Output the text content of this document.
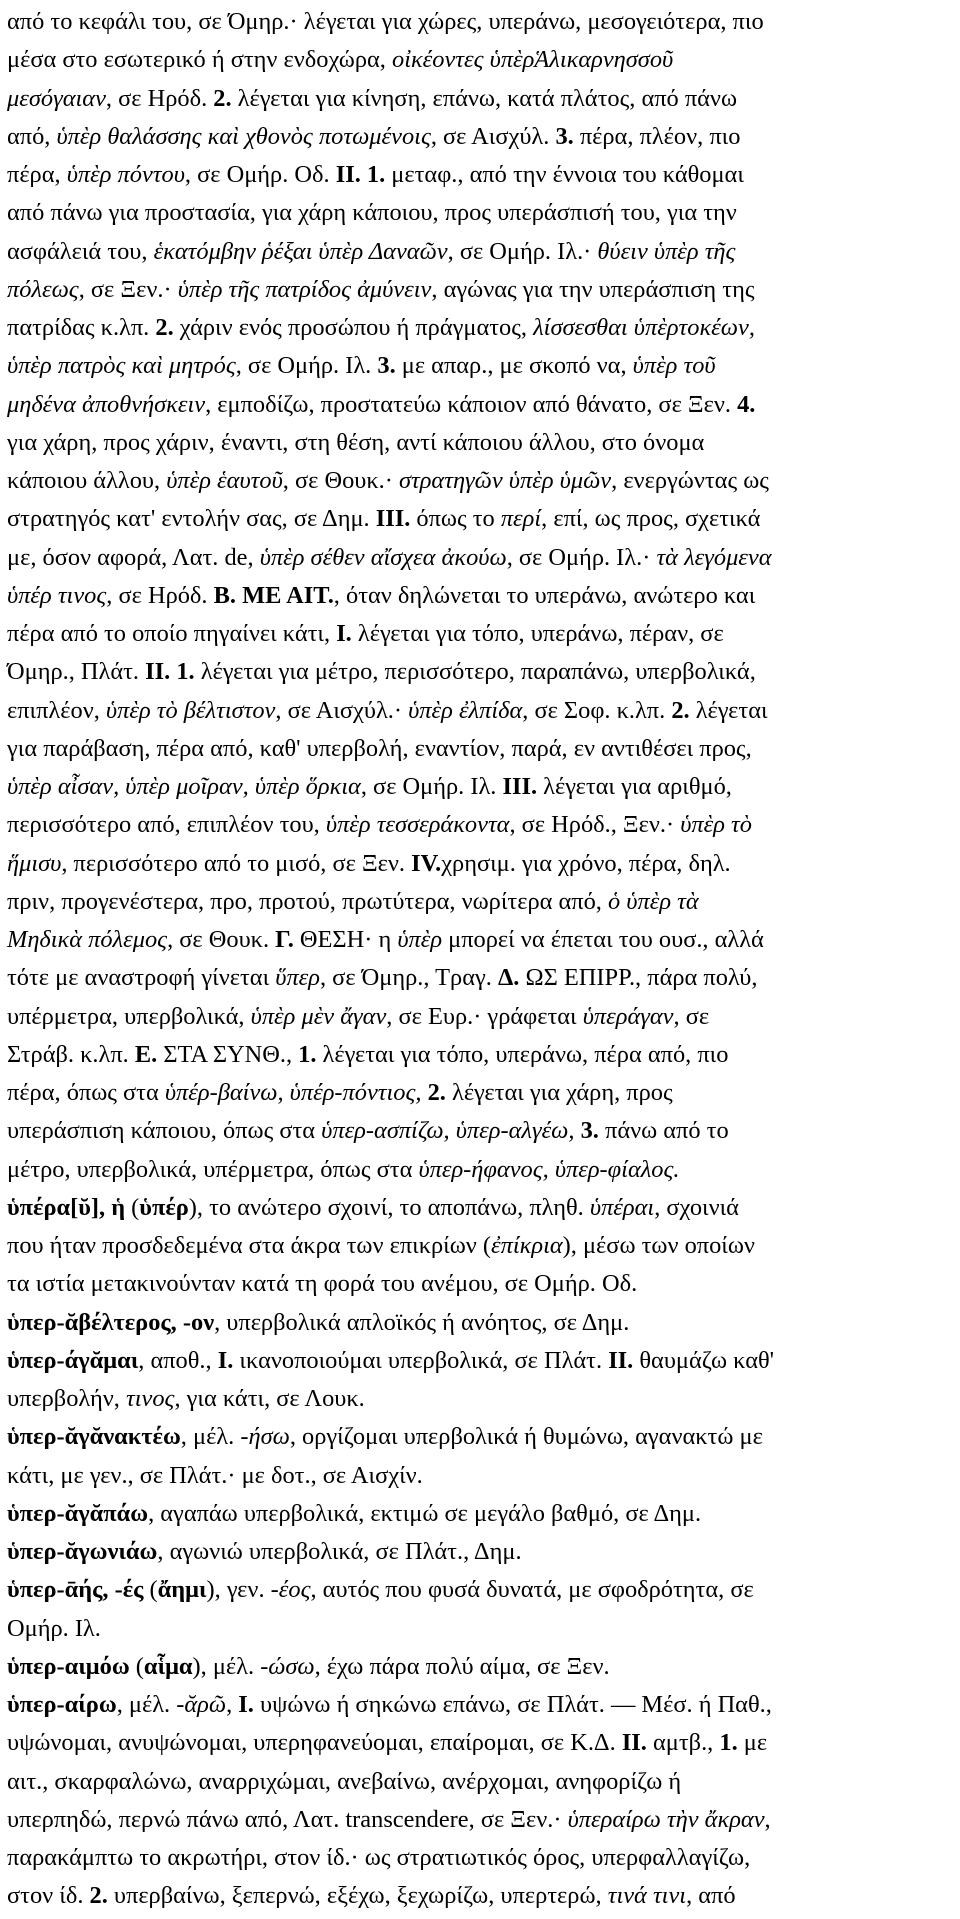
από το κεφάλι του, σε Όμηρ.· λέγεται για χώρες, υπεράνω, μεσογειότερα, πιο
μέσα στο εσωτερικό ή στην ενδοχώρα, οἰκέοντες ὑπὲρἉλικαρνησσοῦ
μεσόγαιαν, σε Ηρόδ. 2. λέγεται για κίνηση, επάνω, κατά πλάτος, από πάνω
από, ὑπὲρ θαλάσσης καὶ χθονὸς ποτωμένοις, σε Αισχύλ. 3. πέρα, πλέον, πιο
πέρα, ὑπὲρ πόντου, σε Ομήρ. Οδ. II. 1. μεταφ., από την έννοια του κάθομαι
από πάνω για προστασία, για χάρη κάποιου, προς υπεράσπισή του, για την
ασφάλειά του, ἑκατόμβην ῥέξαι ὑπὲρ Δαναῶν, σε Ομήρ. Ιλ.· θύειν ὑπὲρ τῆς
πόλεως, σε Ξεν.· ὑπὲρ τῆς πατρίδος ἀμύνειν, αγώνας για την υπεράσπιση της
πατρίδας κ.λπ. 2. χάριν ενός προσώπου ή πράγματος, λίσσεσθαι ὑπὲρτοκέων,
ὑπὲρ πατρὸς καὶ μητρός, σε Ομήρ. Ιλ. 3. με απαρ., με σκοπό να, ὑπὲρ τοῦ
μηδένα ἀποθνήσκειν, εμποδίζω, προστατεύω κάποιον από θάνατο, σε Ξεν. 4.
για χάρη, προς χάριν, έναντι, στη θέση, αντί κάποιου άλλου, στο όνομα
κάποιου άλλου, ὑπὲρ ἑαυτοῦ, σε Θουκ.· στρατηγῶν ὑπὲρ ὑμῶν, ενεργώντας ως
στρατηγός κατ' εντολήν σας, σε Δημ. III. όπως το περί, επί, ως προς, σχετικά
με, όσον αφορά, Λατ. de, ὑπὲρ σέθεν αἴσχεα ἀκούω, σε Ομήρ. Ιλ.· τὰ λεγόμενα
ὑπέρ τινος, σε Ηρόδ. Β. ΜΕ ΑΙΤ., όταν δηλώνεται το υπεράνω, ανώτερο και
πέρα από το οποίο πηγαίνει κάτι, I. λέγεται για τόπο, υπεράνω, πέραν, σε
Όμηρ., Πλάτ. II. 1. λέγεται για μέτρο, περισσότερο, παραπάνω, υπερβολικά,
επιπλέον, ὑπὲρ τὸ βέλτιστον, σε Αισχύλ.· ὑπὲρ ἐλπίδα, σε Σοφ. κ.λπ. 2. λέγεται
για παράβαση, πέρα από, καθ' υπερβολή, εναντίον, παρά, εν αντιθέσει προς,
ὑπὲρ αἶσαν, ὑπὲρ μοῖραν, ὑπὲρ ὅρκια, σε Ομήρ. Ιλ. III. λέγεται για αριθμό,
περισσότερο από, επιπλέον του, ὑπὲρ τεσσεράκοντα, σε Ηρόδ., Ξεν.· ὑπὲρ τὸ
ἥμισυ, περισσότερο από το μισό, σε Ξεν. IV.χρησιμ. για χρόνο, πέρα, δηλ.
πριν, προγενέστερα, προ, προτού, πρωτύτερα, νωρίτερα από, ὁ ὑπὲρ τὰ
Μηδικὰ πόλεμος, σε Θουκ. Γ. ΘΕΣΗ· η ὑπὲρ μπορεί να έπεται του ουσ., αλλά
τότε με αναστροφή γίνεται ὕπερ, σε Όμηρ., Τραγ. Δ. ΩΣ ΕΠΙΡΡ., πάρα πολύ,
υπέρμετρα, υπερβολικά, ὑπὲρ μὲν ἄγαν, σε Ευρ.· γράφεται ὑπεράγαν, σε
Στράβ. κ.λπ. Ε. ΣΤΑ ΣΥΝΘ., 1. λέγεται για τόπο, υπεράνω, πέρα από, πιο
πέρα, όπως στα ὑπέρ-βαίνω, ὑπέρ-πόντιος, 2. λέγεται για χάρη, προς
υπεράσπιση κάποιου, όπως στα ὑπερ-ασπίζω, ὑπερ-αλγέω, 3. πάνω από το
μέτρο, υπερβολικά, υπέρμετρα, όπως στα ὑπερ-ήφανος, ὑπερ-φίαλος.
ὑπέρα[ῠ], ἡ (ὑπέρ), το ανώτερο σχοινί, το αποπάνω, πληθ. ὑπέραι, σχοινιά
που ήταν προσδεδεμένα στα άκρα των επικρίων (ἐπίκρια), μέσω των οποίων
τα ιστία μετακινούνταν κατά τη φορά του ανέμου, σε Ομήρ. Οδ.
ὑπερ-ᾰβέλτερος, -ον, υπερβολικά απλοϊκός ή ανόητος, σε Δημ.
ὑπερ-άγᾰμαι, αποθ., I. ικανοποιούμαι υπερβολικά, σε Πλάτ. II. θαυμάζω καθ'
υπερβολήν, τινος, για κάτι, σε Λουκ.
ὑπερ-ᾰγᾰνακτέω, μέλ. -ήσω, οργίζομαι υπερβολικά ή θυμώνω, αγανακτώ με
κάτι, με γεν., σε Πλάτ.· με δοτ., σε Αισχίν.
ὑπερ-ᾰγᾰπάω, αγαπάω υπερβολικά, εκτιμώ σε μεγάλο βαθμό, σε Δημ.
ὑπερ-ᾰγωνιάω, αγωνιώ υπερβολικά, σε Πλάτ., Δημ.
ὑπερ-ᾱής, -ές (ἄημι), γεν. -έος, αυτός που φυσά δυνατά, με σφοδρότητα, σε
Ομήρ. Ιλ.
ὑπερ-αιμόω (αἷμα), μέλ. -ώσω, έχω πάρα πολύ αίμα, σε Ξεν.
ὑπερ-αίρω, μέλ. -ᾰρῶ, I. υψώνω ή σηκώνω επάνω, σε Πλάτ. ― Μέσ. ή Παθ.,
υψώνομαι, ανυψώνομαι, υπερηφανεύομαι, επαίρομαι, σε Κ.Δ. II. αμτβ., 1. με
αιτ., σκαρφαλώνω, αναρριχώμαι, ανεβαίνω, ανέρχομαι, ανηφορίζω ή
υπερπηδώ, περνώ πάνω από, Λατ. transcendere, σε Ξεν.· ὑπεραίρω τὴν ἄκραν,
παρακάμπτω το ακρωτήρι, στον ίδ.· ως στρατιωτικός όρος, υπερφαλλαγίζω,
στον ίδ. 2. υπερβαίνω, ξεπερνώ, εξέχω, ξεχωρίζω, υπερτερώ, τινά τινι, από
